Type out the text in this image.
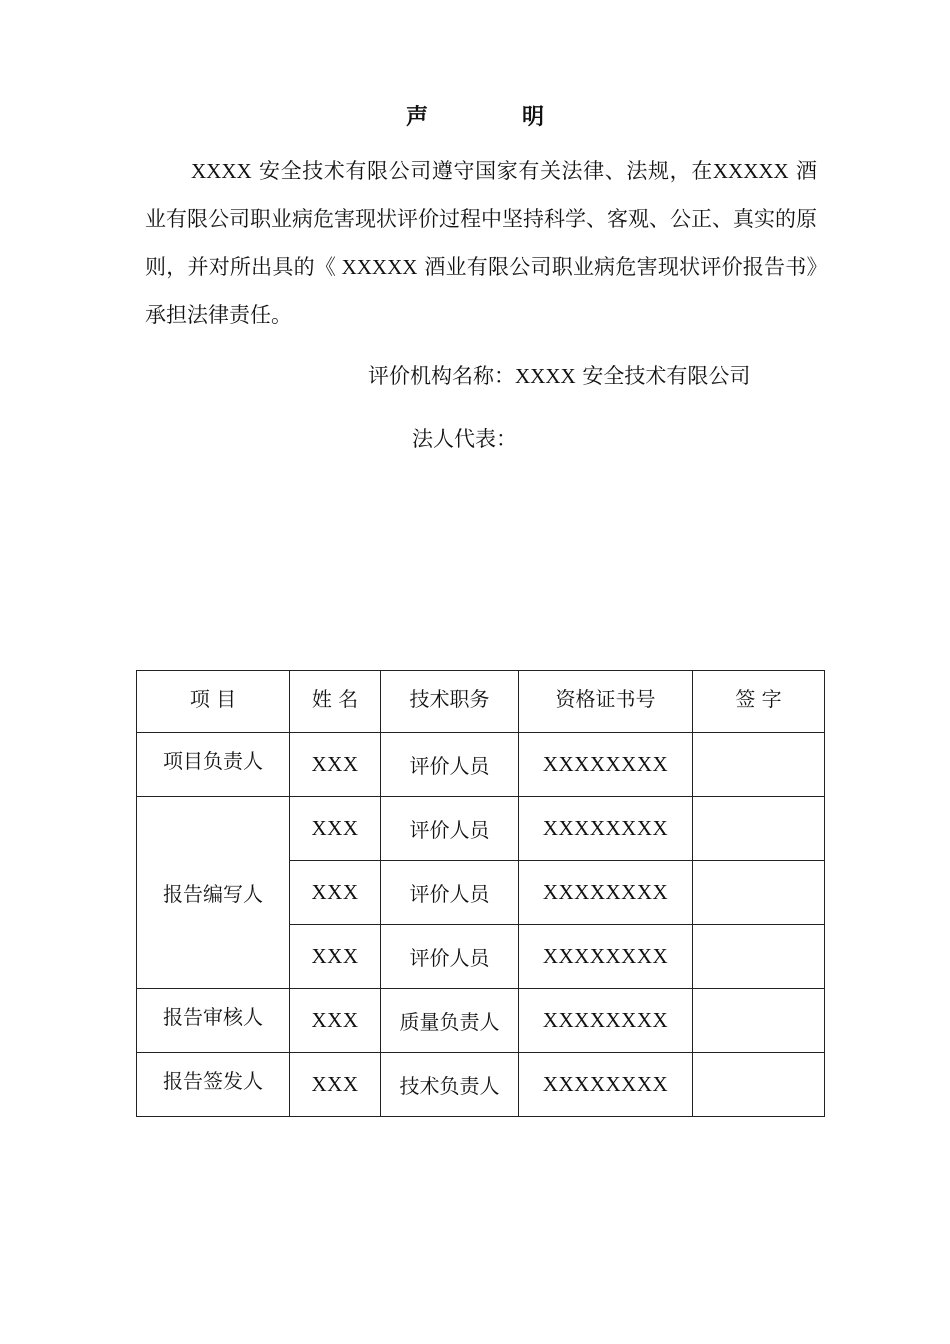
声　明
XXXX 安全技术有限公司遵守国家有关法律、法规，在XXXXX 酒业有限公司职业病危害现状评价过程中坚持科学、客观、公正、真实的原则，并对所出具的《 XXXXX 酒业有限公司职业病危害现状评价报告书》承担法律责任。
评价机构名称：XXXX 安全技术有限公司
法人代表：
项 目	姓 名	技术职务	资格证书号	签 字
项目负责人	XXX	评价人员	XXXXXXXX	
报告编写人	XXX	评价人员	XXXXXXXX	
	XXX	评价人员	XXXXXXXX	
	XXX	评价人员	XXXXXXXX	
报告审核人	XXX	质量负责人	XXXXXXXX	
报告签发人	XXX	技术负责人	XXXXXXXX	
